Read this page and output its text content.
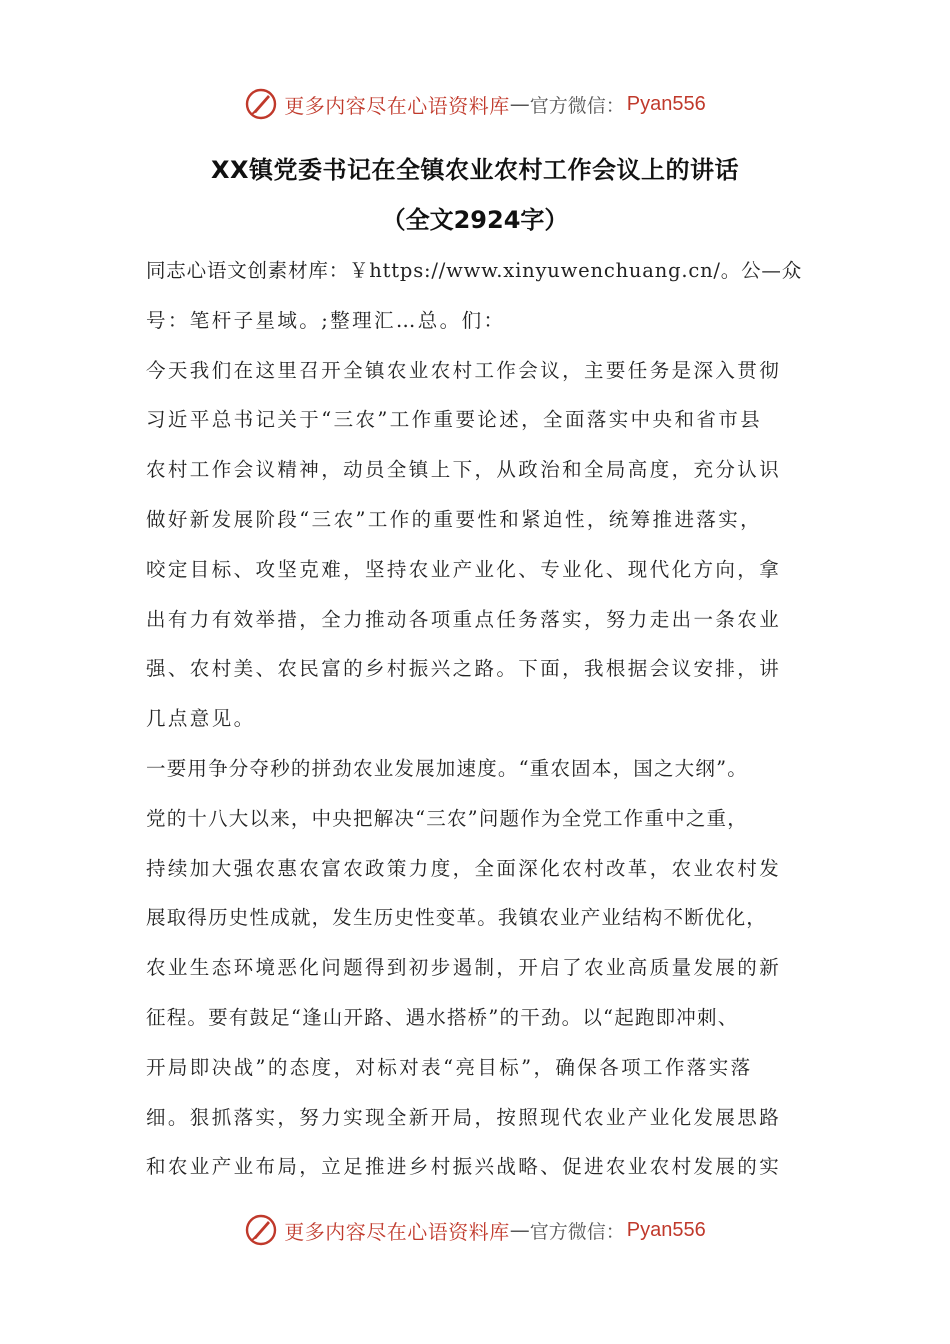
更多内容尽在心语资料库 — 官方微信： Pyan556
XX镇党委书记在全镇农业农村工作会议上的讲话
（全文2924字）
同志心语文创素材库：￥https://www.xinyuwenchuang.cn/。公—众
号：笔杆子星域。;整理汇…总。们：
今天我们在这里召开全镇农业农村工作会议，主要任务是深入贯彻
习近平总书记关于“三农”工作重要论述，全面落实中央和省市县
农村工作会议精神，动员全镇上下，从政治和全局高度，充分认识
做好新发展阶段“三农”工作的重要性和紧迫性，统筹推进落实，
咬定目标、攻坚克难，坚持农业产业化、专业化、现代化方向，拿
出有力有效举措，全力推动各项重点任务落实，努力走出一条农业
强、农村美、农民富的乡村振兴之路。下面，我根据会议安排，讲
几点意见。
一要用争分夺秒的拼劲农业发展加速度。“重农固本，国之大纲”。
党的十八大以来，中央把解决“三农”问题作为全党工作重中之重，
持续加大强农惠农富农政策力度，全面深化农村改革，农业农村发
展取得历史性成就，发生历史性变革。我镇农业产业结构不断优化，
农业生态环境恶化问题得到初步遏制，开启了农业高质量发展的新
征程。要有鼓足“逢山开路、遇水搭桥”的干劲。以“起跑即冲刺、
开局即决战”的态度，对标对表“亮目标”，确保各项工作落实落
细。狠抓落实，努力实现全新开局，按照现代农业产业化发展思路
和农业产业布局，立足推进乡村振兴战略、促进农业农村发展的实
更多内容尽在心语资料库 — 官方微信： Pyan556
